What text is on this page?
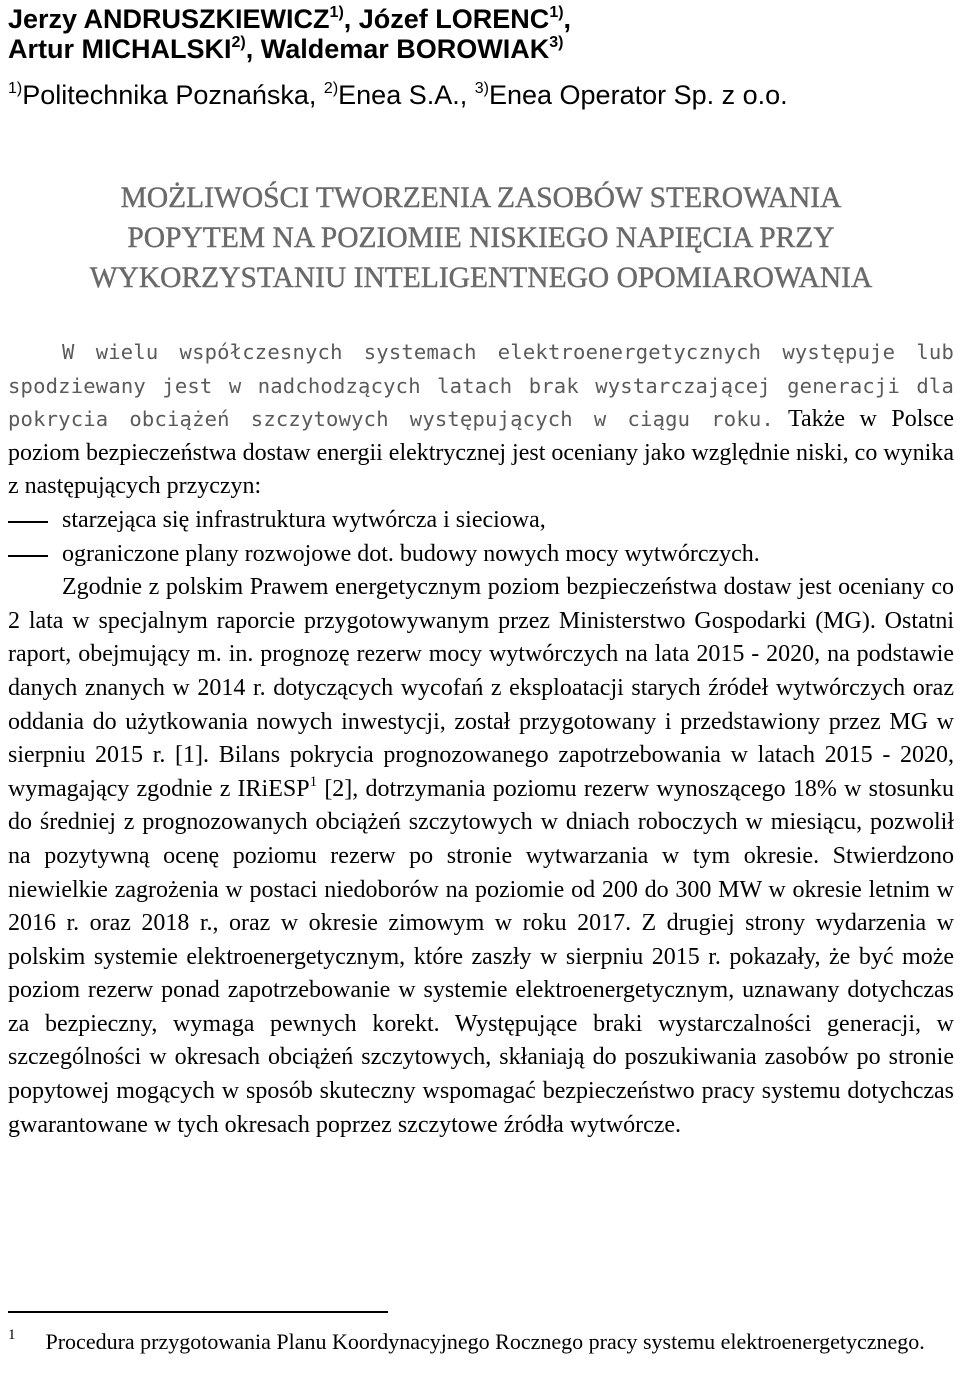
Jerzy ANDRUSZKIEWICZ$^{1)}$, Józef LORENC$^{1)}$,
Artur MICHALSKI$^{2)}$, Waldemar BOROWIAK$^{3)}$
$^{1)}$Politechnika Poznańska, $^{2)}$Enea S.A., $^{3)}$Enea Operator Sp. z o.o.
MOŻLIWOŚCI TWORZENIA ZASOBÓW STEROWANIA
POPYTEM NA POZIOMIE NISKIEGO NAPIĘCIA PRZY
WYKORZYSTANIU INTELIGENTNEGO OPOMIAROWANIA

W wielu współczesnych systemach elektroenergetycznych występuje lub spodziewany jest w nadchodzących latach brak wystarczającej generacji dla pokrycia obciążeń szczytowych występujących w ciągu roku. Także w Polsce poziom bezpieczeństwa dostaw energii elektrycznej jest oceniany jako względnie niski, co wynika z następujących przyczyn:

starzejąca się infrastruktura wytwórcza i sieciowa,

ograniczone plany rozwojowe dot. budowy nowych mocy wytwórczych.

Zgodnie z polskim Prawem energetycznym poziom bezpieczeństwa dostaw jest oceniany co 2 lata w specjalnym raporcie przygotowywanym przez Ministerstwo Gospodarki (MG). Ostatni raport, obejmujący m. in. prognozę rezerw mocy wytwórczych na lata 2015 - 2020, na podstawie danych znanych w 2014 r. dotyczących wycofań z eksploatacji starych źródeł wytwórczych oraz oddania do użytkowania nowych inwestycji, został przygotowany i przedstawiony przez MG w sierpniu 2015 r. [1]. Bilans pokrycia prognozowanego zapotrzebowania w latach 2015 - 2020, wymagający zgodnie z IRiESP$^1$ [2], dotrzymania poziomu rezerw wynoszącego 18% w stosunku do średniej z prognozowanych obciążeń szczytowych w dniach roboczych w miesiącu, pozwolił na pozytywną ocenę poziomu rezerw po stronie wytwarzania w tym okresie. Stwierdzono niewielkie zagrożenia w postaci niedoborów na poziomie od 200 do 300 MW w okresie letnim w 2016 r. oraz 2018 r., oraz w okresie zimowym w roku 2017. Z drugiej strony wydarzenia w polskim systemie elektroenergetycznym, które zaszły w sierpniu 2015 r. pokazały, że być może poziom rezerw ponad zapotrzebowanie w systemie elektroenergetycznym, uznawany dotychczas za bezpieczny, wymaga pewnych korekt. Występujące braki wystarczalności generacji, w szczególności w okresach obciążeń szczytowych, skłaniają do poszukiwania zasobów po stronie popytowej mogących w sposób skuteczny wspomagać bezpieczeństwo pracy systemu dotychczas gwarantowane w tych okresach poprzez szczytowe źródła wytwórcze.

$^1$ Procedura przygotowania Planu Koordynacyjnego Rocznego pracy systemu elektroenergetycznego.
